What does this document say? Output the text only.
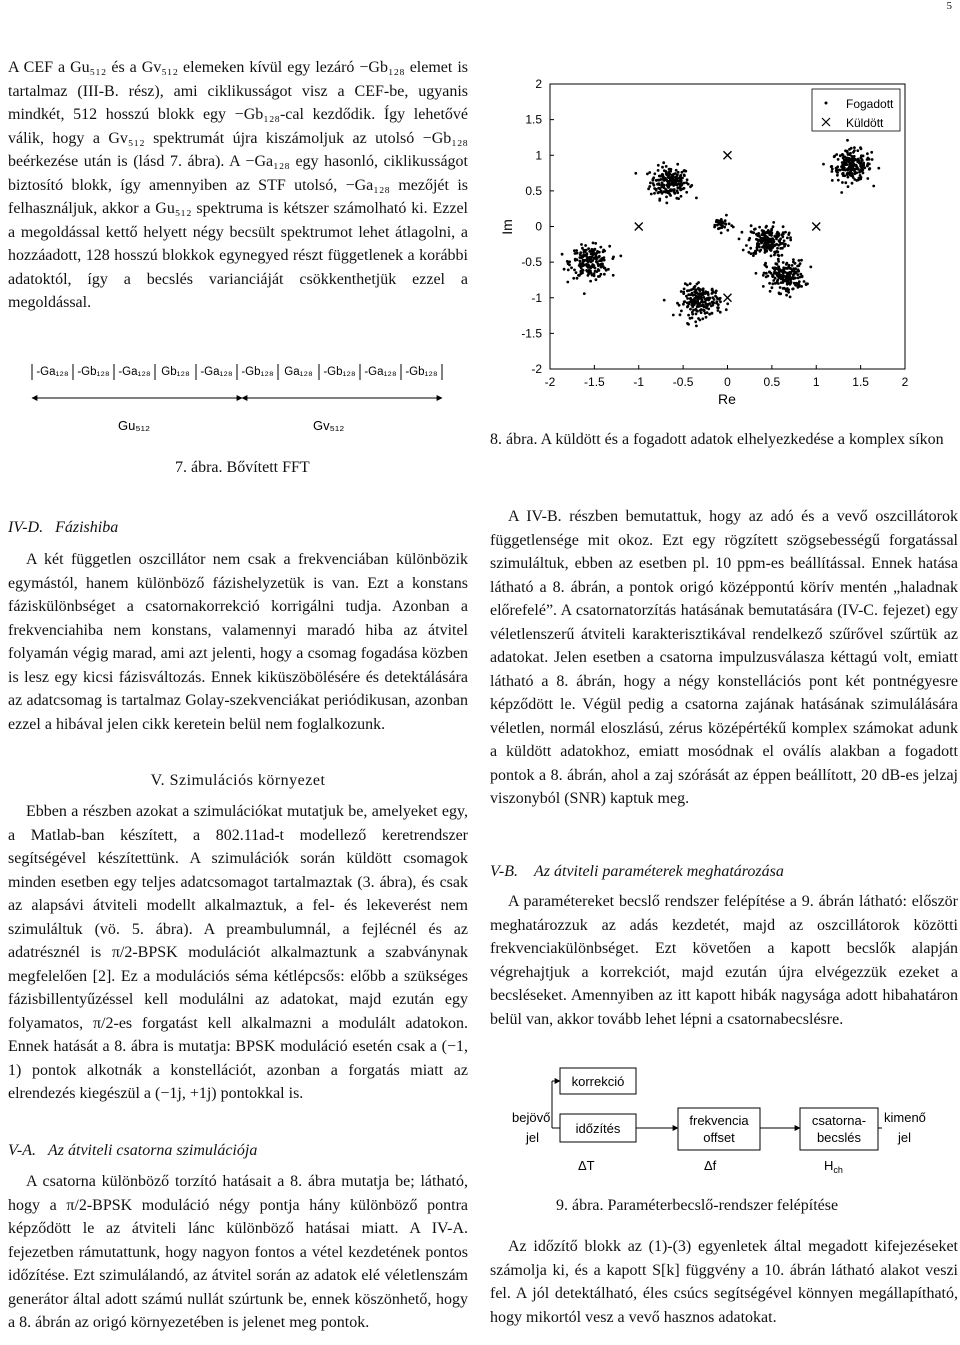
5

A CEF a Gu₅₁₂ és a Gv₅₁₂ elemeken kívül egy lezáró −Gb₁₂₈ elemet is tartalmaz (III-B. rész), ami ciklikusságot visz a CEF-be, ugyanis mindkét, 512 hosszú blokk egy −Gb₁₂₈-cal kezdődik. Így lehetővé válik, hogy a Gv₅₁₂ spektrumát újra kiszámoljuk az utolsó −Gb₁₂₈ beérkezése után is (lásd 7. ábra). A −Ga₁₂₈ egy hasonló, ciklikusságot biztosító blokk, így amennyiben az STF utolsó, −Ga₁₂₈ mezőjét is felhasználjuk, akkor a Gu₅₁₂ spektruma is kétszer számolható ki. Ezzel a megoldással kettő helyett négy becsült spektrumot lehet átlagolni, a hozzáadott, 128 hosszú blokkok egynegyed részt függetlenek a korábbi adatoktól, így a becslés varianciáját csökkenthetjük ezzel a megoldással.

-Ga₁₂₈ -Gb₁₂₈ -Ga₁₂₈ Gb₁₂₈ -Ga₁₂₈ -Gb₁₂₈ Ga₁₂₈ -Gb₁₂₈ -Ga₁₂₈ -Gb₁₂₈
Gu₅₁₂	Gv₅₁₂

7. ábra. Bővített FFT

IV-D. Fázishiba

A két független oszcillátor nem csak a frekvenciában különbözik egymástól, hanem különböző fázishelyzetük is van. Ezt a konstans fáziskülönbséget a csatornakorrekció korrigálni tudja. Azonban a frekvenciahiba nem konstans, valamennyi maradó hiba az átvitel folyamán végig marad, ami azt jelenti, hogy a csomag fogadása közben is lesz egy kicsi fázisváltozás. Ennek kiküszöbölésére és detektálására az adatcsomag is tartalmaz Golay-szekvenciákat periódikusan, azonban ezzel a hibával jelen cikk keretein belül nem foglalkozunk.

V. Szimulációs környezet

Ebben a részben azokat a szimulációkat mutatjuk be, amelyeket egy, a Matlab-ban készített, a 802.11ad-t modellező keretrendszer segítségével készítettünk. A szimulációk során küldött csomagok minden esetben egy teljes adatcsomagot tartalmaztak (3. ábra), és csak az alapsávi átviteli modellt alkalmaztuk, a fel- és lekeverést nem szimuláltuk (vö. 5. ábra). A preambulumnál, a fejlécnél és az adatrésznél is π/2-BPSK modulációt alkalmaztunk a szabványnak megfelelően [2]. Ez a modulációs séma kétlépcsős: előbb a szükséges fázisbillentyűzéssel kell modulálni az adatokat, majd ezután egy folyamatos, π/2-es forgatást kell alkalmazni a modulált adatokon. Ennek hatását a 8. ábra is mutatja: BPSK moduláció esetén csak a (−1, 1) pontok alkotnák a konstellációt, azonban a forgatás miatt az elrendezés kiegészül a (−1j, +1j) pontokkal is.

V-A. Az átviteli csatorna szimulációja

A csatorna különböző torzító hatásait a 8. ábra mutatja be; látható, hogy a π/2-BPSK moduláció négy pontja hány különböző pontra képződött le az átviteli lánc különböző hatásai miatt. A IV-A. fejezetben rámutattunk, hogy nagyon fontos a vétel kezdetének pontos időzítése. Ezt szimulálandó, az átvitel során az adatok elé véletlenszám generátor által adott számú nullát szúrtunk be, ennek köszönhető, hogy a 8. ábrán az origó környezetében is jelenet meg pontok.

-2 -1.5 -1 -0.5	0	0.5	1	1.5	2
2
1.5
1
0.5
0
-0.5
-1
-1.5
-2
Re
Im
Fogadott
Küldött

8. ábra. A küldött és a fogadott adatok elhelyezkedése a komplex síkon

A IV-B. részben bemutattuk, hogy az adó és a vevő oszcillátorok függetlensége mit okoz. Ezt egy rögzített szögsebességű forgatással szimuláltuk, ebben az esetben pl. 10 ppm-es beállítással. Ennek hatása látható a 8. ábrán, a pontok origó középpontú körív mentén „haladnak előrefelé”. A csatornatorzítás hatásának bemutatására (IV-C. fejezet) egy véletlenszerű átviteli karakterisztikával rendelkező szűrővel szűrtük az adatokat. Jelen esetben a csatorna impulzusválasza kéttagú volt, emiatt látható a 8. ábrán, hogy a négy konstellációs pont két pontnégyesre képződött le. Végül pedig a csatorna zajának hatásának szimulálására véletlen, normál eloszlású, zérus középértékű komplex számokat adunk a küldött adatokhoz, emiatt mosódnak el oválís alakban a fogadott pontok a 8. ábrán, ahol a zaj szórását az éppen beállított, 20 dB-es jelzaj viszonyból (SNR) kaptuk meg.

V-B. Az átviteli paraméterek meghatározása

A paramétereket becslő rendszer felépítése a 9. ábrán látható: először meghatározzuk az adás kezdetét, majd az oszcillátorok közötti frekvenciakülönbséget. Ezt követően a kapott becslők alapján végrehajtjuk a korrekciót, majd ezután újra elvégezzük ezeket a becsléseket. Amennyiben az itt kapott hibák nagysága adott hibahatáron belül van, akkor tovább lehet lépni a csatornabecslésre.

bejövő
jel
korrekció
időzítés
frekvencia
offset
csatorna-
becslés
kimenő
jel
ΔT	Δf	$H_{ch}$

9. ábra. Paraméterbecslő-rendszer felépítése

Az időzítő blokk az (1)-(3) egyenletek által megadott kifejezéseket számolja ki, és a kapott S[k] függvény a 10. ábrán látható alakot veszi fel. A jól detektálható, éles csúcs segítségével könnyen megállapítható, hogy mikortól vesz a vevő hasznos adatokat.
